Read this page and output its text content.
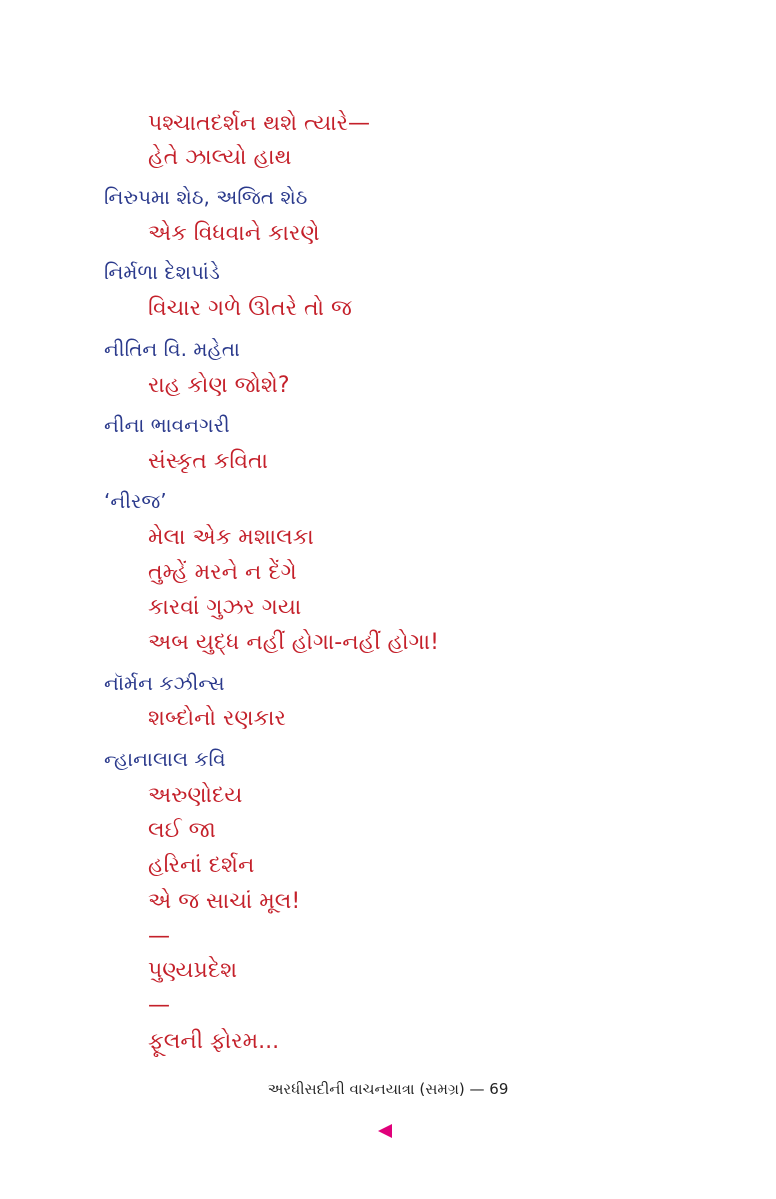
પશ્ચાતદર્શન થશે ત્યારે—
હેતે ઝાલ્યો હાથ
નિરુપમા શેઠ, અજિત શેઠ
એક વિધવાને કારણે
નિર્મળા દેશપાંડે
વિચાર ગળે ઊતરે તો જ
નીતિન વિ. મહેતા
રાહ કોણ જોશે?
નીના ભાવનગરી
સંસ્કૃત કવિતા
‘નીરજ’
મેલા એક મશાલકા
તુમ્હેં મરને ન દેંગે
કારવાં ગુઝર ગયા
અબ યુદ્ધ નહીં હોગા-નહીં હોગા!
નૉર્મન કઝીન્સ
શબ્દોનો રણકાર
ન્હાનાલાલ કવિ
અરુણોદય
લઈ જા
હરિનાં દર્શન
એ જ સાચાં મૂલ!
—
પુણ્યપ્રદેશ
—
ફૂલની ફોરમ...
અરધીસદીની વાચનયાત્રા (સમગ્ર) — 69
